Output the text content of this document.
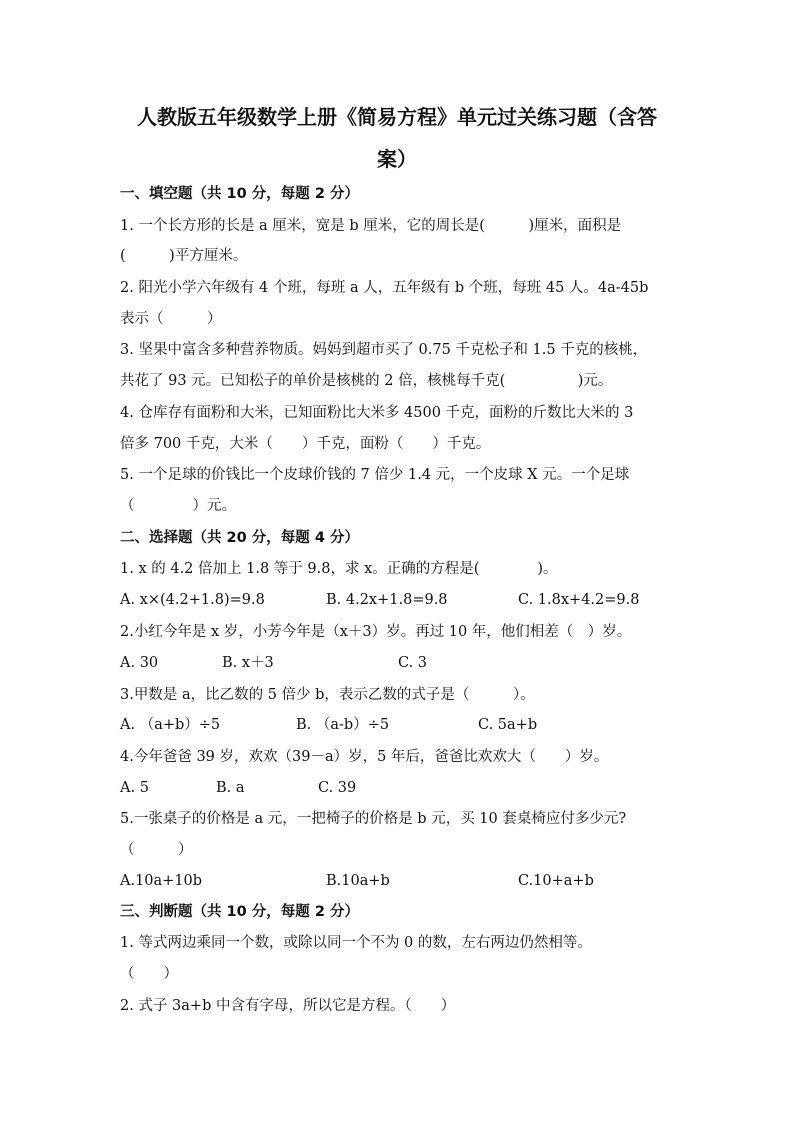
人教版五年级数学上册《简易方程》单元过关练习题（含答
案）
一、填空题（共 10 分，每题 2 分）
1. 一个长方形的长是 a 厘米，宽是 b 厘米，它的周长是(　　　)厘米，面积是
(　　　)平方厘米。
2. 阳光小学六年级有 4 个班，每班 a 人，五年级有 b 个班，每班 45 人。4a-45b
表示（　　　）
3. 坚果中富含多种营养物质。妈妈到超市买了 0.75 千克松子和 1.5 千克的核桃，
共花了 93 元。已知松子的单价是核桃的 2 倍，核桃每千克(　　　　　)元。
4. 仓库存有面粉和大米，已知面粉比大米多 4500 千克，面粉的斤数比大米的 3
倍多 700 千克，大米（　　）千克，面粉（　　）千克。
5. 一个足球的价钱比一个皮球价钱的 7 倍少 1.4 元，一个皮球 X 元。一个足球
（　　　　）元。
二、选择题（共 20 分，每题 4 分）
1. x 的 4.2 倍加上 1.8 等于 9.8，求 x。正确的方程是(　　　　)。
A. x×(4.2+1.8)=9.8	B. 4.2x+1.8=9.8	C. 1.8x+4.2=9.8
2.小红今年是 x 岁，小芳今年是（x＋3）岁。再过 10 年，他们相差（　）岁。
A. 30	B. x＋3	C. 3
3.甲数是 a，比乙数的 5 倍少 b，表示乙数的式子是（　　　）。
A. （a+b）÷5	B. （a-b）÷5	C. 5a+b
4.今年爸爸 39 岁，欢欢（39－a）岁，5 年后，爸爸比欢欢大（　　）岁。
A. 5	B. a	C. 39
5.一张桌子的价格是 a 元，一把椅子的价格是 b 元，买 10 套桌椅应付多少元?
（　　　）
A.10a+10b	B.10a+b	C.10+a+b
三、判断题（共 10 分，每题 2 分）
1. 等式两边乘同一个数，或除以同一个不为 0 的数，左右两边仍然相等。
（　　）
2. 式子 3a+b 中含有字母，所以它是方程。（　　）
